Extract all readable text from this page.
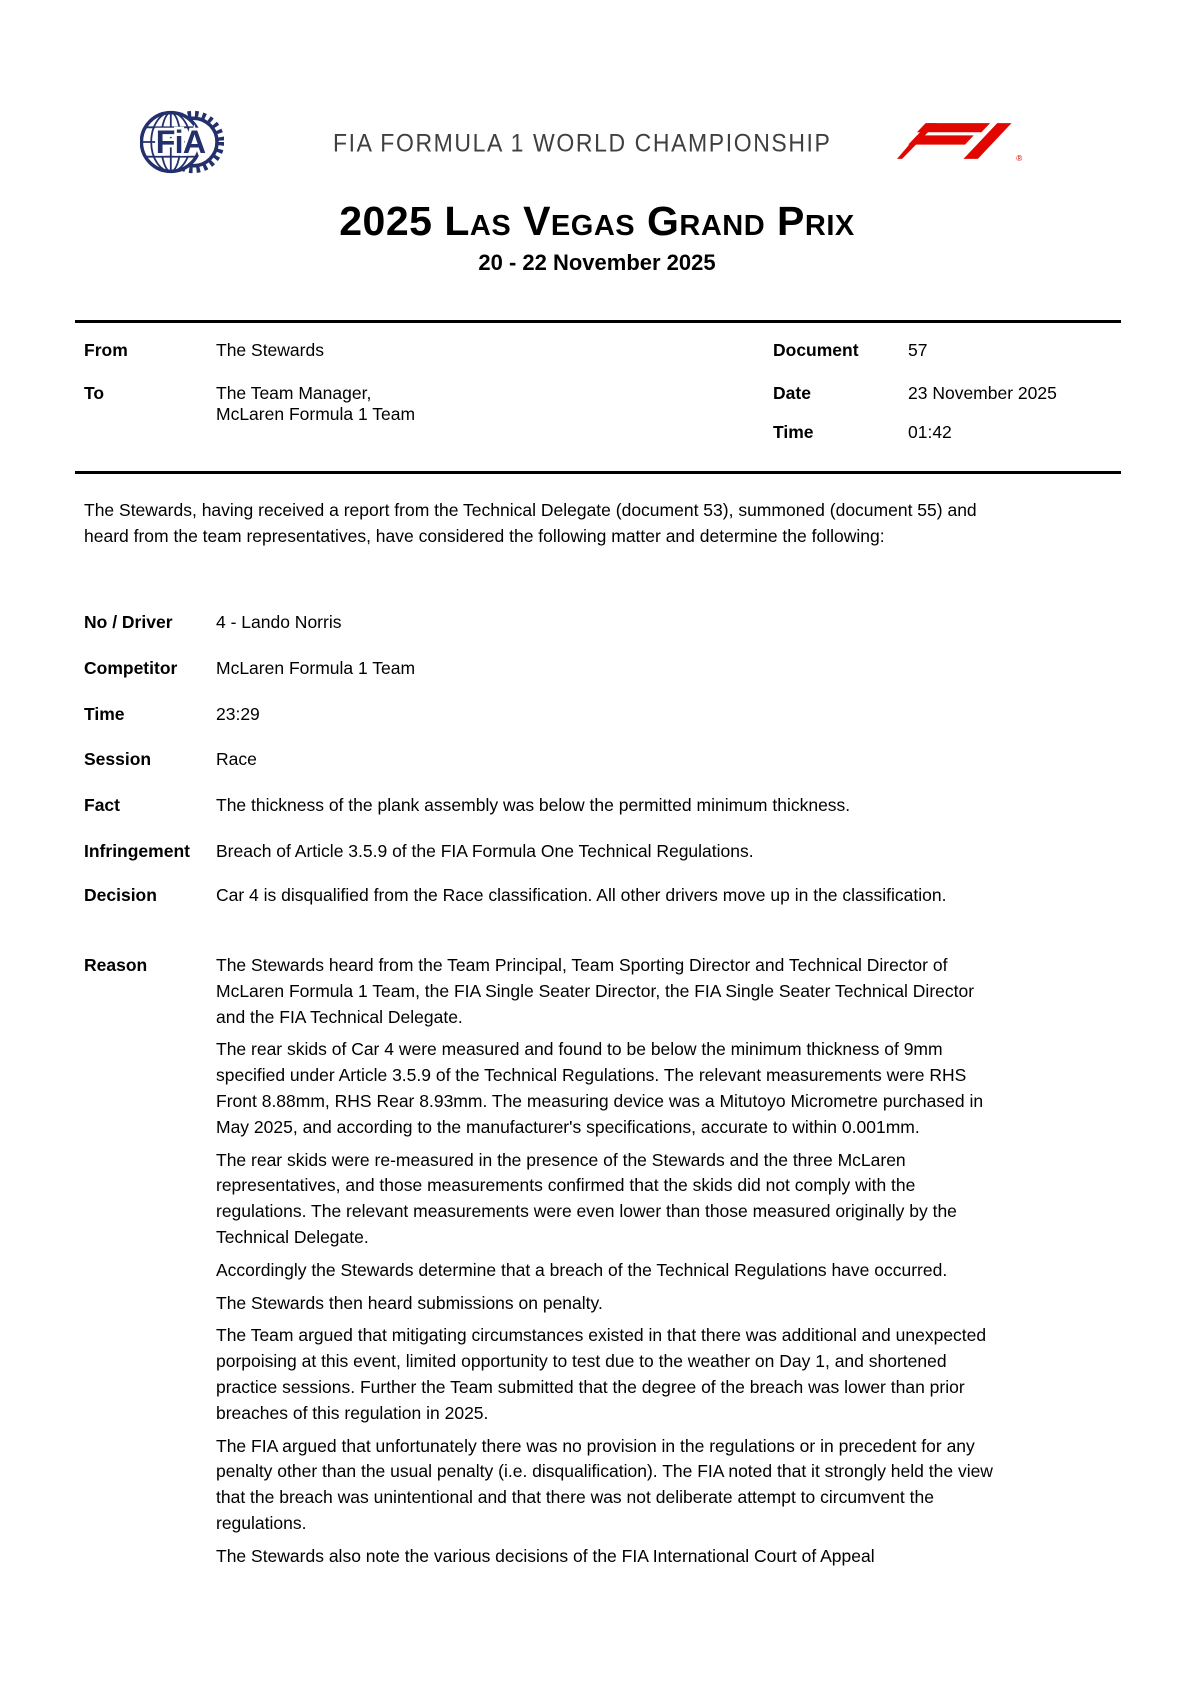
FiA	FIA FORMULA 1 WORLD CHAMPIONSHIP
®
2025 Las Vegas Grand Prix
20 - 22 November 2025
From	The Stewards
To	The Team Manager,
McLaren Formula 1 Team
Document	57
Date	23 November 2025
Time	01:42
The Stewards, having received a report from the Technical Delegate (document 53), summoned (document 55) and heard from the team representatives, have considered the following matter and determine the following:
No / Driver 4 - Lando Norris
Competitor McLaren Formula 1 Team
Time	23:29
Session	Race
Fact	The thickness of the plank assembly was below the permitted minimum thickness.
Infringement Breach of Article 3.5.9 of the FIA Formula One Technical Regulations.
Decision	Car 4 is disqualified from the Race classification. All other drivers move up in the classification.
Reason	The Stewards heard from the Team Principal, Team Sporting Director and Technical Director of McLaren Formula 1 Team, the FIA Single Seater Director, the FIA Single Seater Technical Director and the FIA Technical Delegate.

The rear skids of Car 4 were measured and found to be below the minimum thickness of 9mm specified under Article 3.5.9 of the Technical Regulations. The relevant measurements were RHS Front 8.88mm, RHS Rear 8.93mm. The measuring device was a Mitutoyo Micrometre purchased in May 2025, and according to the manufacturer's specifications, accurate to within 0.001mm.

The rear skids were re-measured in the presence of the Stewards and the three McLaren representatives, and those measurements confirmed that the skids did not comply with the regulations. The relevant measurements were even lower than those measured originally by the Technical Delegate.

Accordingly the Stewards determine that a breach of the Technical Regulations have occurred.

The Stewards then heard submissions on penalty.

The Team argued that mitigating circumstances existed in that there was additional and unexpected porpoising at this event, limited opportunity to test due to the weather on Day 1, and shortened practice sessions. Further the Team submitted that the degree of the breach was lower than prior breaches of this regulation in 2025.

The FIA argued that unfortunately there was no provision in the regulations or in precedent for any penalty other than the usual penalty (i.e. disqualification). The FIA noted that it strongly held the view that the breach was unintentional and that there was not deliberate attempt to circumvent the regulations.

The Stewards also note the various decisions of the FIA International Court of Appeal
